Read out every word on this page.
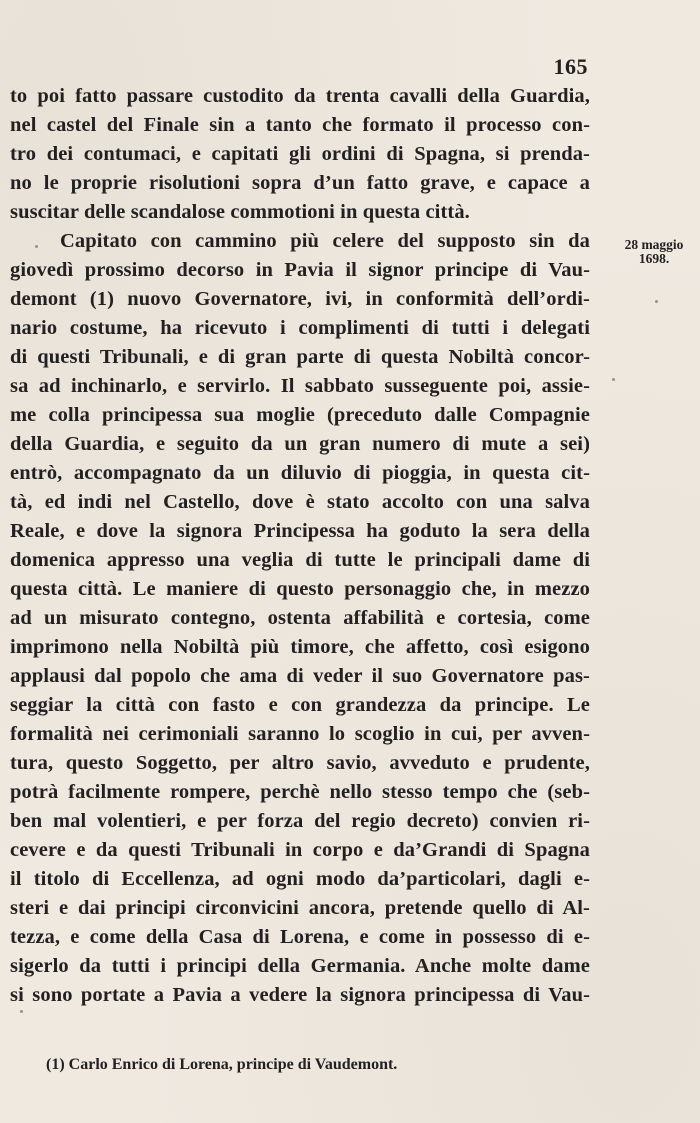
165
to poi fatto passare custodito da trenta cavalli della Guardia,
nel castel del Finale sin a tanto che formato il processo con-
tro dei contumaci, e capitati gli ordini di Spagna, si prenda-
no le proprie risolutioni sopra d’un fatto grave, e capace a
suscitar delle scandalose commotioni in questa città.
Capitato con cammino più celere del supposto sin da
giovedì prossimo decorso in Pavia il signor principe di Vau-
demont (1) nuovo Governatore, ivi, in conformità dell’ordi-
nario costume, ha ricevuto i complimenti di tutti i delegati
di questi Tribunali, e di gran parte di questa Nobiltà concor-
sa ad inchinarlo, e servirlo. Il sabbato susseguente poi, assie-
me colla principessa sua moglie (preceduto dalle Compagnie
della Guardia, e seguito da un gran numero di mute a sei)
entrò, accompagnato da un diluvio di pioggia, in questa cit-
tà, ed indi nel Castello, dove è stato accolto con una salva
Reale, e dove la signora Principessa ha goduto la sera della
domenica appresso una veglia di tutte le principali dame di
questa città. Le maniere di questo personaggio che, in mezzo
ad un misurato contegno, ostenta affabilità e cortesia, come
imprimono nella Nobiltà più timore, che affetto, così esigono
applausi dal popolo che ama di veder il suo Governatore pas-
seggiar la città con fasto e con grandezza da principe. Le
formalità nei cerimoniali saranno lo scoglio in cui, per avven-
tura, questo Soggetto, per altro savio, avveduto e prudente,
potrà facilmente rompere, perchè nello stesso tempo che (seb-
ben mal volentieri, e per forza del regio decreto) convien ri-
cevere e da questi Tribunali in corpo e da’Grandi di Spagna
il titolo di Eccellenza, ad ogni modo da’particolari, dagli e-
steri e dai principi circonvicini ancora, pretende quello di Al-
tezza, e come della Casa di Lorena, e come in possesso di e-
sigerlo da tutti i principi della Germania. Anche molte dame
si sono portate a Pavia a vedere la signora principessa di Vau-
28 maggio
1698.
(1) Carlo Enrico di Lorena, principe di Vaudemont.
